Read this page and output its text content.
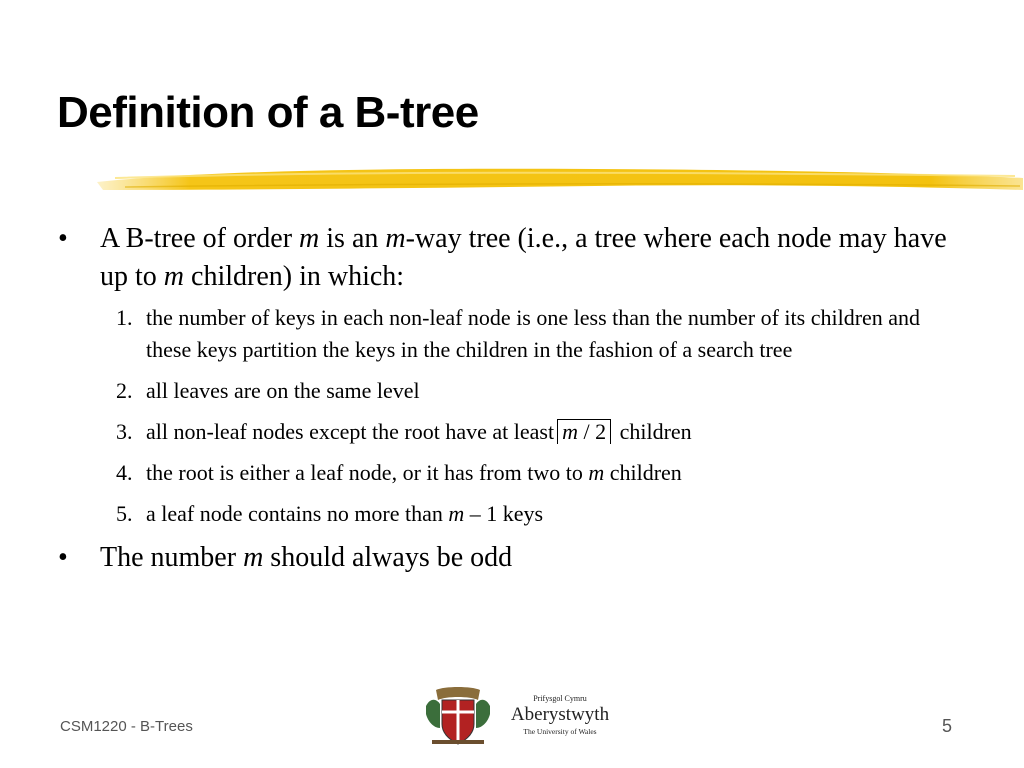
Definition of a B-tree
•	A B-tree of order m is an m-way tree (i.e., a tree where each node may have up to m children) in which:
1. the number of keys in each non-leaf node is one less than the number of its children and these keys partition the keys in the children in the fashion of a search tree
2. all leaves are on the same level
3. all non-leaf nodes except the root have at least m / 2 children
4. the root is either a leaf node, or it has from two to m children
5. a leaf node contains no more than m – 1 keys
•	The number m should always be odd
CSM1220 - B-Trees
Prifysgol Cymru
Aberystwyth
The University of Wales	5
